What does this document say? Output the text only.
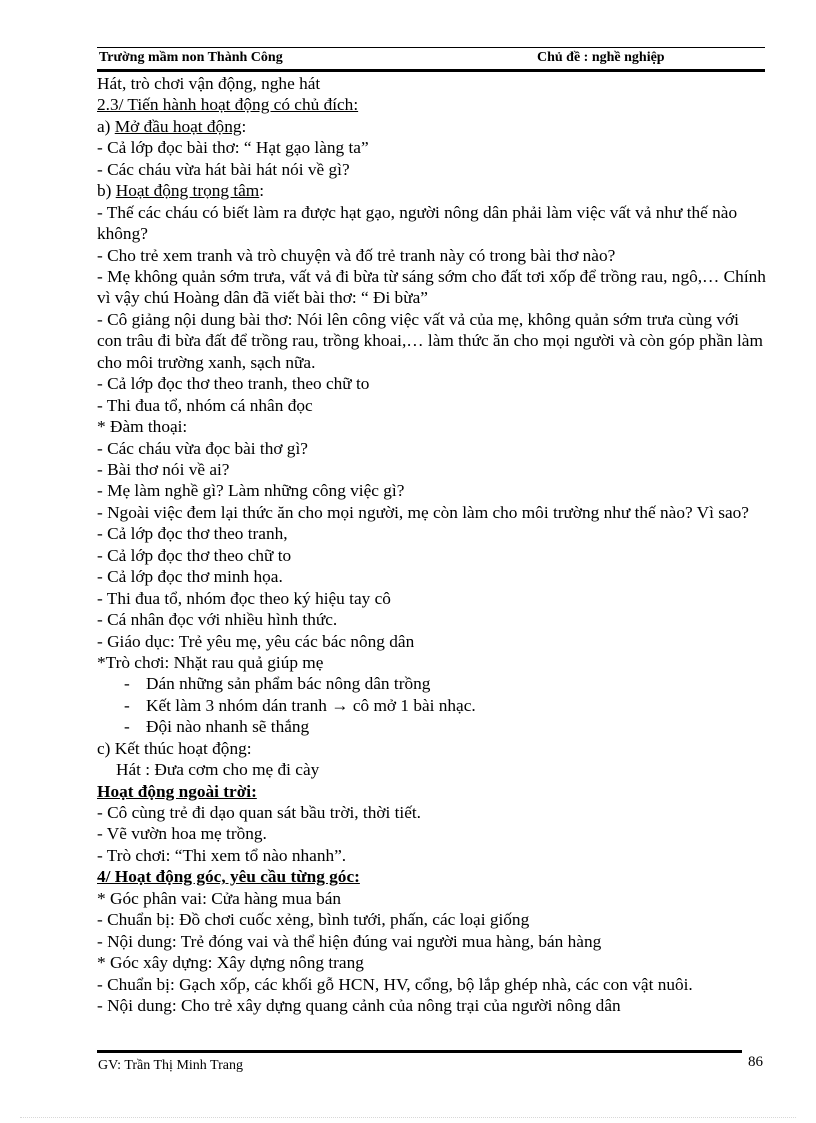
Trường mầm non Thành Công	Chủ đề : nghề nghiệp
Hát, trò chơi vận động, nghe hát
2.3/ Tiến hành hoạt động có chủ đích:
a) Mở đầu hoạt động:
- Cả lớp đọc bài thơ: “ Hạt gạo làng ta”
- Các cháu vừa hát bài hát nói về gì?
b) Hoạt động trọng tâm:
- Thế các cháu có biết làm ra được hạt gạo, người nông dân phải làm việc vất vả như thế nào không?
- Cho trẻ xem tranh và trò chuyện và đố trẻ tranh này có trong bài thơ nào?
- Mẹ không quản sớm trưa, vất vả đi bừa từ sáng sớm cho đất tơi xốp để trồng rau, ngô,… Chính vì vậy chú Hoàng dân đã viết bài thơ: “ Đi bừa”
- Cô giảng nội dung bài thơ: Nói lên công việc vất vả của mẹ, không quản sớm trưa cùng với con trâu đi bừa đất để trồng rau, trồng khoai,… làm thức ăn cho mọi người và còn góp phần làm cho môi trường xanh, sạch nữa.
- Cả lớp đọc thơ theo tranh, theo chữ to
- Thi đua tổ, nhóm cá nhân đọc
* Đàm thoại:
- Các cháu vừa đọc bài thơ gì?
- Bài thơ nói về ai?
- Mẹ làm nghề gì? Làm những công việc gì?
- Ngoài việc đem lại thức ăn cho mọi người, mẹ còn làm cho môi trường như thế nào? Vì sao?
- Cả lớp đọc thơ theo tranh,
- Cả lớp đọc thơ theo chữ to
- Cả lớp đọc thơ minh họa.
- Thi đua tổ, nhóm đọc theo ký hiệu tay cô
- Cá nhân đọc với nhiều hình thức.
- Giáo dục: Trẻ yêu mẹ, yêu các bác nông dân
*Trò chơi: Nhặt rau quả giúp mẹ
- Dán những sản phẩm bác nông dân trồng
- Kết làm 3 nhóm dán tranh → cô mở 1 bài nhạc.
- Đội nào nhanh sẽ thắng
c) Kết thúc hoạt động:
Hát : Đưa cơm cho mẹ đi cày
Hoạt động ngoài trời:
- Cô cùng trẻ đi dạo quan sát bầu trời, thời tiết.
- Vẽ vườn hoa mẹ trồng.
- Trò chơi: “Thi xem tổ nào nhanh”.
4/ Hoạt động góc, yêu cầu từng góc:
* Góc phân vai: Cửa hàng mua bán
- Chuẩn bị: Đồ chơi cuốc xẻng, bình tưới, phấn, các loại giống
- Nội dung: Trẻ đóng vai và thể hiện đúng vai người mua hàng, bán hàng
* Góc xây dựng: Xây dựng nông trang
- Chuẩn bị: Gạch xốp, các khối gỗ HCN, HV, cổng, bộ lắp ghép nhà, các con vật nuôi.
- Nội dung: Cho trẻ xây dựng quang cảnh của nông trại của người nông dân
GV: Trần Thị Minh Trang	86
